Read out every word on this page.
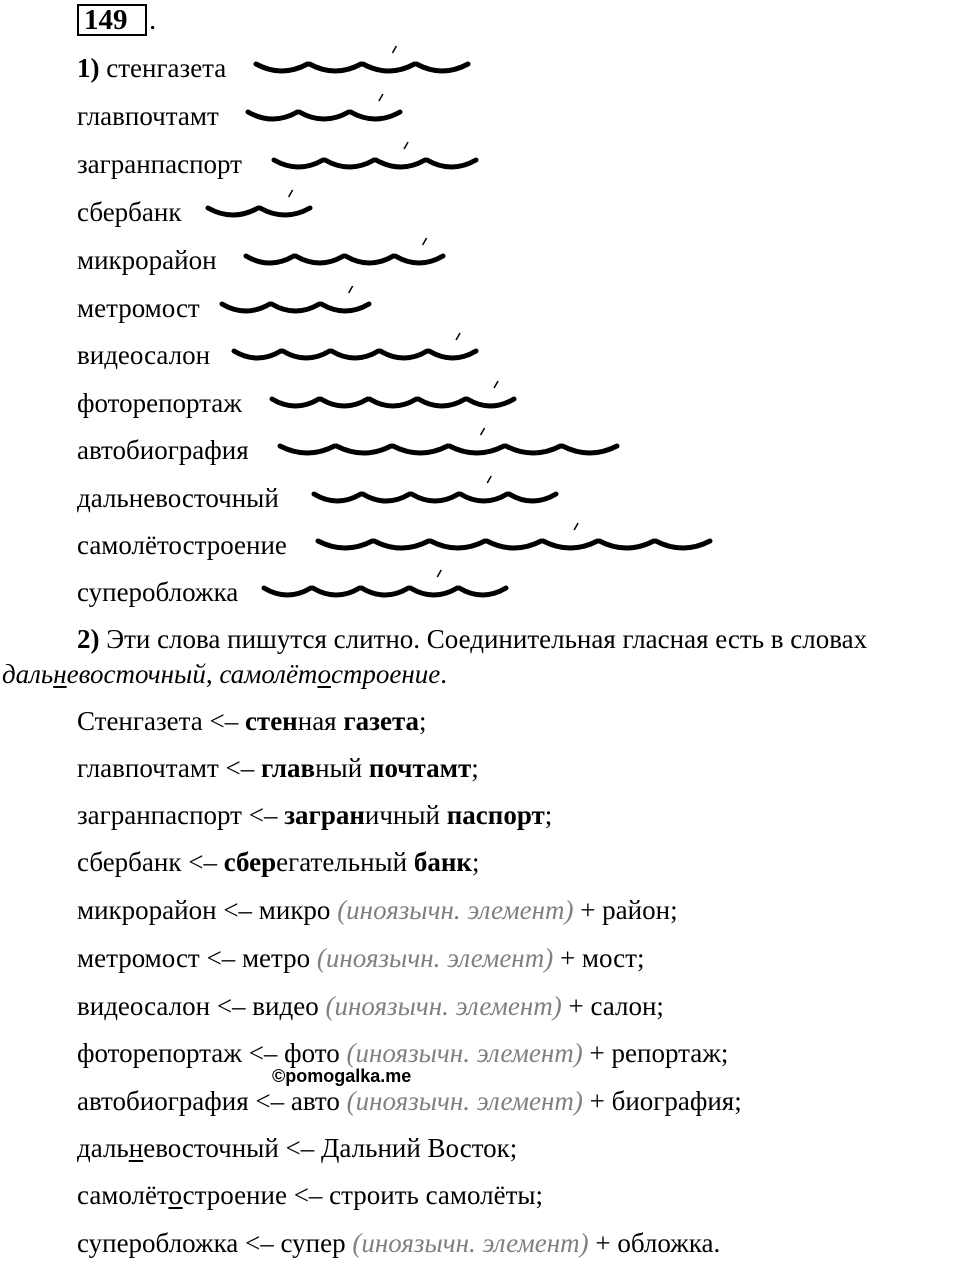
149 .
1) стенгазета
главпочтамт
загранпаспорт
сбербанк
микрорайон
метромост
видеосалон
фоторепортаж
автобиография
дальневосточный
самолётостроение
суперобложка
2) Эти слова пишутся слитно. Соединительная гласная есть в словах
дальневосточный, самолётостроение.
Стенгазета <– стенная газета;
главпочтамт <– главный почтамт;
загранпаспорт <– заграничный паспорт;
сбербанк <– сберегательный банк;
микрорайон <– микро (иноязычн. элемент) + район;
метромост <– метро (иноязычн. элемент) + мост;
видеосалон <– видео (иноязычн. элемент) + салон;
фоторепортаж <– фото (иноязычн. элемент) + репортаж;
©pomogalka.me
автобиография <– авто (иноязычн. элемент) + биография;
дальневосточный <– Дальний Восток;
самолётостроение <– строить самолёты;
суперобложка <– супер (иноязычн. элемент) + обложка.
